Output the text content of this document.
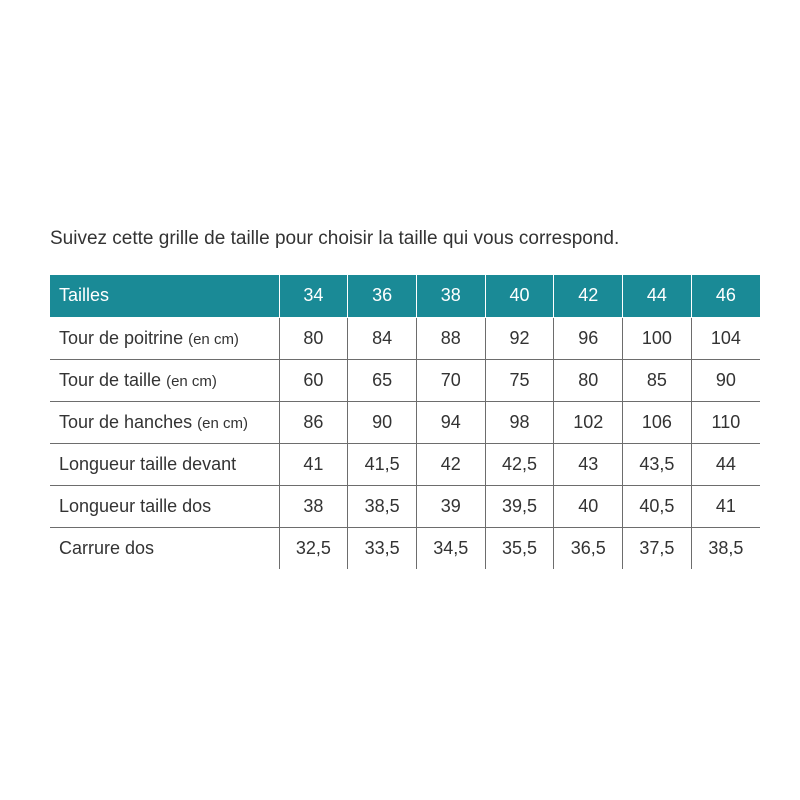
Suivez cette grille de taille pour choisir la taille qui vous correspond.
Tailles	34	36	38	40	42	44	46
Tour de poitrine (en cm)	80	84	88	92	96	100	104
Tour de taille (en cm)	60	65	70	75	80	85	90
Tour de hanches (en cm)	86	90	94	98	102	106	110
Longueur taille devant	41	41,5	42	42,5	43	43,5	44
Longueur taille dos	38	38,5	39	39,5	40	40,5	41
Carrure dos	32,5	33,5	34,5	35,5	36,5	37,5	38,5
